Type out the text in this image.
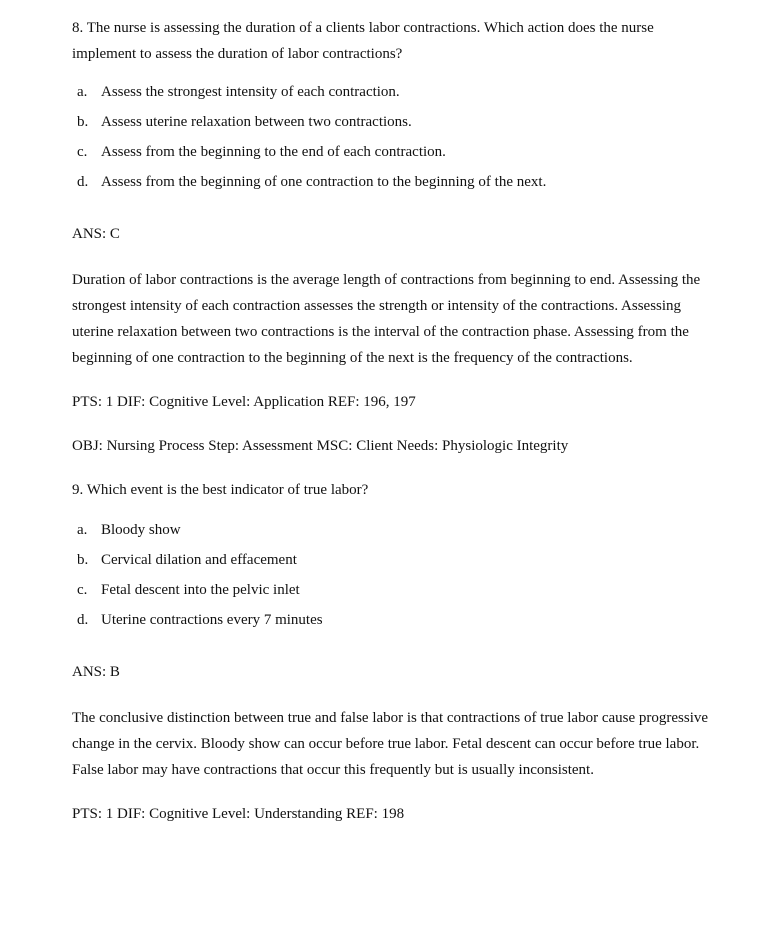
8. The nurse is assessing the duration of a clients labor contractions. Which action does the nurse implement to assess the duration of labor contractions?

a. Assess the strongest intensity of each contraction.
b. Assess uterine relaxation between two contractions.
c. Assess from the beginning to the end of each contraction.
d. Assess from the beginning of one contraction to the beginning of the next.

ANS: C

Duration of labor contractions is the average length of contractions from beginning to end. Assessing the strongest intensity of each contraction assesses the strength or intensity of the contractions. Assessing uterine relaxation between two contractions is the interval of the contraction phase. Assessing from the beginning of one contraction to the beginning of the next is the frequency of the contractions.

PTS: 1 DIF: Cognitive Level: Application REF: 196, 197

OBJ: Nursing Process Step: Assessment MSC: Client Needs: Physiologic Integrity

9. Which event is the best indicator of true labor?

a. Bloody show
b. Cervical dilation and effacement
c. Fetal descent into the pelvic inlet
d. Uterine contractions every 7 minutes

ANS: B

The conclusive distinction between true and false labor is that contractions of true labor cause progressive change in the cervix. Bloody show can occur before true labor. Fetal descent can occur before true labor. False labor may have contractions that occur this frequently but is usually inconsistent.

PTS: 1 DIF: Cognitive Level: Understanding REF: 198
